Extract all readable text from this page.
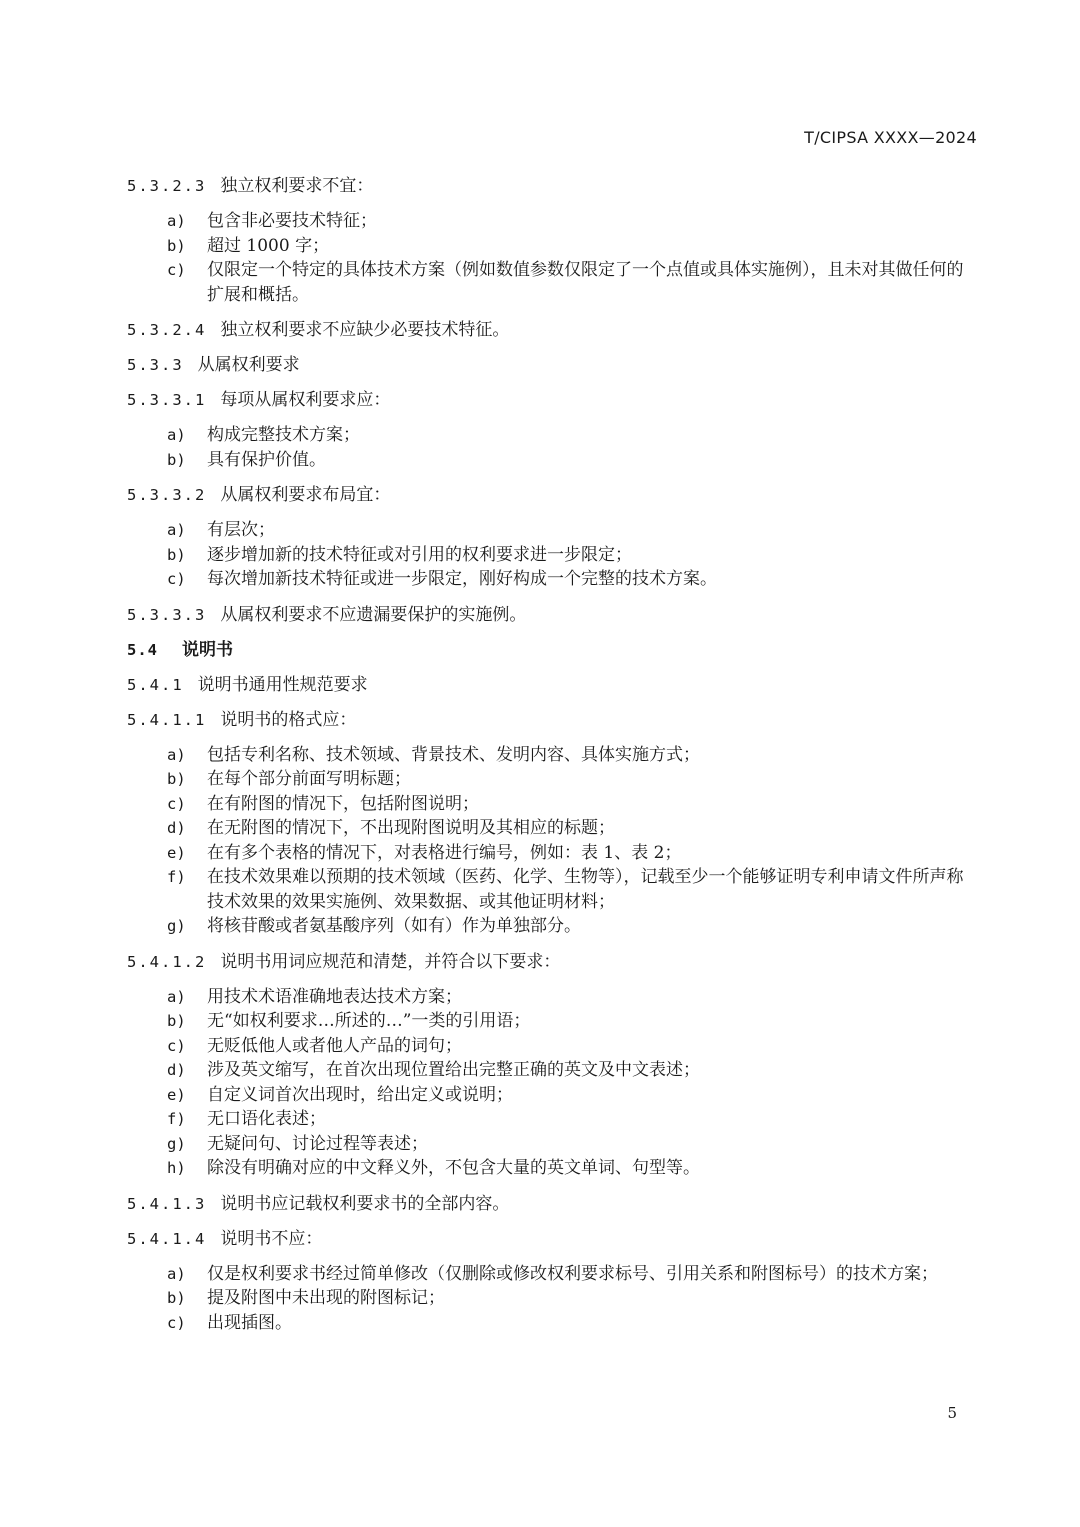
T/CIPSA XXXX—2024
5.3.2.3 独立权利要求不宜：
a)	包含非必要技术特征；
b)	超过 1000 字；
c)	仅限定一个特定的具体技术方案（例如数值参数仅限定了一个点值或具体实施例），且未对其做任何的扩展和概括。
5.3.2.4 独立权利要求不应缺少必要技术特征。
5.3.3 从属权利要求
5.3.3.1 每项从属权利要求应：
a)	构成完整技术方案；
b)	具有保护价值。
5.3.3.2 从属权利要求布局宜：
a)	有层次；
b)	逐步增加新的技术特征或对引用的权利要求进一步限定；
c)	每次增加新技术特征或进一步限定，刚好构成一个完整的技术方案。
5.3.3.3 从属权利要求不应遗漏要保护的实施例。
5.4 说明书
5.4.1 说明书通用性规范要求
5.4.1.1 说明书的格式应：
a)	包括专利名称、技术领域、背景技术、发明内容、具体实施方式；
b)	在每个部分前面写明标题；
c)	在有附图的情况下，包括附图说明；
d)	在无附图的情况下，不出现附图说明及其相应的标题；
e)	在有多个表格的情况下，对表格进行编号，例如：表 1、表 2；
f)	在技术效果难以预期的技术领域（医药、化学、生物等），记载至少一个能够证明专利申请文件所声称技术效果的效果实施例、效果数据、或其他证明材料；
g)	将核苷酸或者氨基酸序列（如有）作为单独部分。
5.4.1.2 说明书用词应规范和清楚，并符合以下要求：
a)	用技术术语准确地表达技术方案；
b)	无“如权利要求…所述的…”一类的引用语；
c)	无贬低他人或者他人产品的词句；
d)	涉及英文缩写，在首次出现位置给出完整正确的英文及中文表述；
e)	自定义词首次出现时，给出定义或说明；
f)	无口语化表述；
g)	无疑问句、讨论过程等表述；
h)	除没有明确对应的中文释义外，不包含大量的英文单词、句型等。
5.4.1.3 说明书应记载权利要求书的全部内容。
5.4.1.4 说明书不应：
a)	仅是权利要求书经过简单修改（仅删除或修改权利要求标号、引用关系和附图标号）的技术方案；
b)	提及附图中未出现的附图标记；
c)	出现插图。
5
